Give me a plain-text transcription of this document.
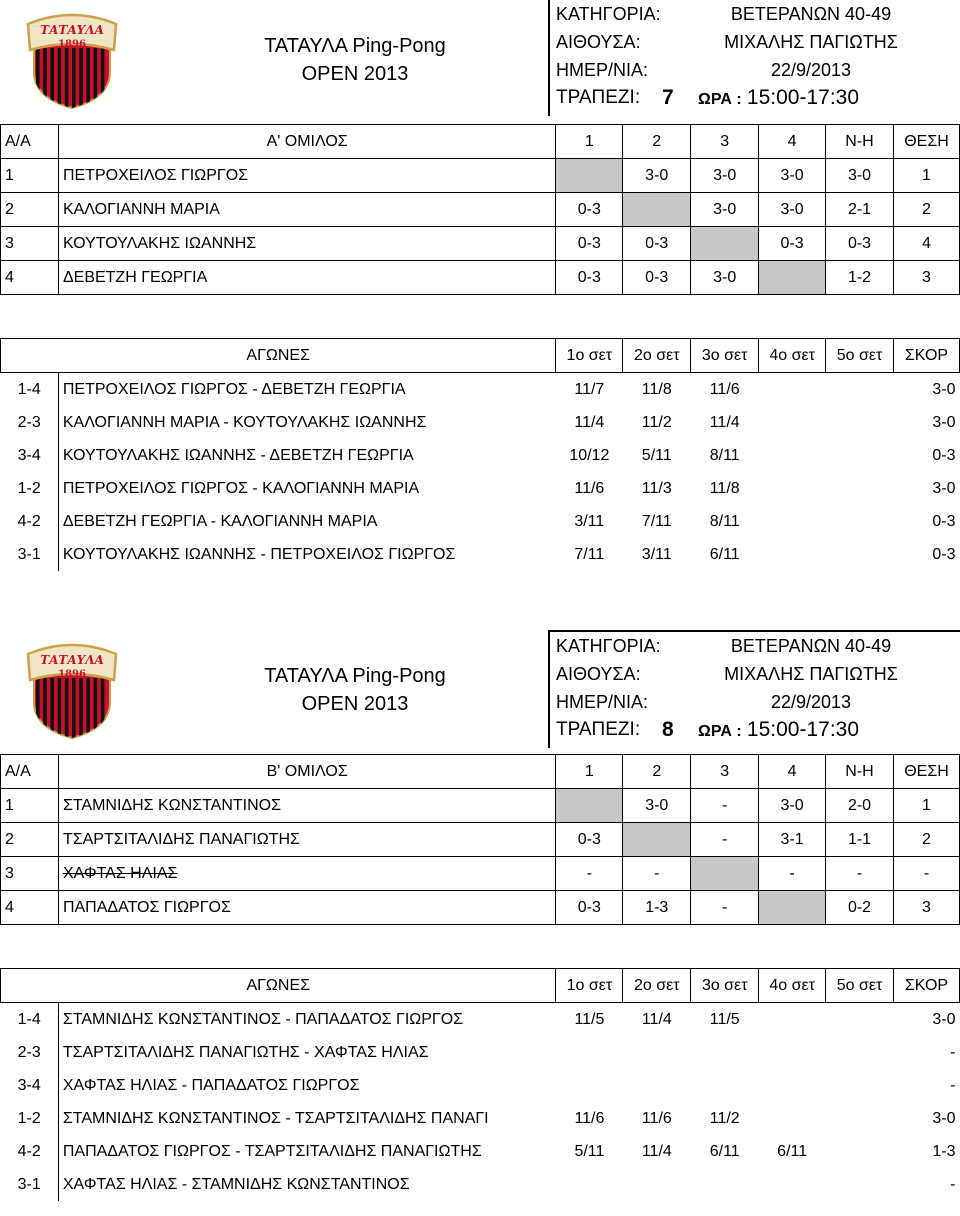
ΤΑΤΑΥΛΑ
1896	ΤΑΤΑΥΛΑ Ping-Pong
OPEN 2013
ΚΑΤΗΓΟΡΙΑ:	ΒΕΤΕΡΑΝΩΝ 40-49
ΑΙΘΟΥΣΑ:	ΜΙΧΑΛΗΣ ΠΑΓΙΩΤΗΣ
ΗΜΕΡ/ΝΙΑ:	22/9/2013
ΤΡΑΠΕΖΙ: 7 ΩΡΑ : 15:00-17:30
Α/Α	Α' ΟΜΙΛΟΣ	1	2	3	4	Ν-Η	ΘΕΣΗ
1	ΠΕΤΡΟΧΕΙΛΟΣ ΓΙΩΡΓΟΣ		3-0	3-0	3-0	3-0	1
2	ΚΑΛΟΓΙΑΝΝΗ ΜΑΡΙΑ	0-3		3-0	3-0	2-1	2
3	ΚΟΥΤΟΥΛΑΚΗΣ ΙΩΑΝΝΗΣ	0-3	0-3		0-3	0-3	4
4	ΔΕΒΕΤΖΗ ΓΕΩΡΓΙΑ	0-3	0-3	3-0		1-2	3
ΑΓΩΝΕΣ		1ο σετ	2ο σετ	3ο σετ	4ο σετ	5ο σετ	ΣΚΟΡ
1-4	ΠΕΤΡΟΧΕΙΛΟΣ ΓΙΩΡΓΟΣ - ΔΕΒΕΤΖΗ ΓΕΩΡΓΙΑ	11/7	11/8	11/6			3-0
2-3	ΚΑΛΟΓΙΑΝΝΗ ΜΑΡΙΑ - ΚΟΥΤΟΥΛΑΚΗΣ ΙΩΑΝΝΗΣ	11/4	11/2	11/4			3-0
3-4	ΚΟΥΤΟΥΛΑΚΗΣ ΙΩΑΝΝΗΣ - ΔΕΒΕΤΖΗ ΓΕΩΡΓΙΑ	10/12	5/11	8/11			0-3
1-2	ΠΕΤΡΟΧΕΙΛΟΣ ΓΙΩΡΓΟΣ - ΚΑΛΟΓΙΑΝΝΗ ΜΑΡΙΑ	11/6	11/3	11/8			3-0
4-2	ΔΕΒΕΤΖΗ ΓΕΩΡΓΙΑ - ΚΑΛΟΓΙΑΝΝΗ ΜΑΡΙΑ	3/11	7/11	8/11			0-3
3-1	ΚΟΥΤΟΥΛΑΚΗΣ ΙΩΑΝΝΗΣ - ΠΕΤΡΟΧΕΙΛΟΣ ΓΙΩΡΓΟΣ	7/11	3/11	6/11			0-3
ΤΑΤΑΥΛΑ
1896	ΤΑΤΑΥΛΑ Ping-Pong
OPEN 2013
ΚΑΤΗΓΟΡΙΑ:	ΒΕΤΕΡΑΝΩΝ 40-49
ΑΙΘΟΥΣΑ:	ΜΙΧΑΛΗΣ ΠΑΓΙΩΤΗΣ
ΗΜΕΡ/ΝΙΑ:	22/9/2013
ΤΡΑΠΕΖΙ: 8 ΩΡΑ : 15:00-17:30
Α/Α	Β' ΟΜΙΛΟΣ	1	2	3	4	Ν-Η	ΘΕΣΗ
1	ΣΤΑΜΝΙΔΗΣ ΚΩΝΣΤΑΝΤΙΝΟΣ		3-0	-	3-0	2-0	1
2	ΤΣΑΡΤΣΙΤΑΛΙΔΗΣ ΠΑΝΑΓΙΩΤΗΣ	0-3		-	3-1	1-1	2
3	ΧΑΦΤΑΣ ΗΛΙΑΣ	-	-		-	-	-
4	ΠΑΠΑΔΑΤΟΣ ΓΙΩΡΓΟΣ	0-3	1-3	-		0-2	3
ΑΓΩΝΕΣ		1ο σετ	2ο σετ	3ο σετ	4ο σετ	5ο σετ	ΣΚΟΡ
1-4	ΣΤΑΜΝΙΔΗΣ ΚΩΝΣΤΑΝΤΙΝΟΣ - ΠΑΠΑΔΑΤΟΣ ΓΙΩΡΓΟΣ	11/5	11/4	11/5			3-0
2-3	ΤΣΑΡΤΣΙΤΑΛΙΔΗΣ ΠΑΝΑΓΙΩΤΗΣ - ΧΑΦΤΑΣ ΗΛΙΑΣ						-
3-4	ΧΑΦΤΑΣ ΗΛΙΑΣ - ΠΑΠΑΔΑΤΟΣ ΓΙΩΡΓΟΣ						-
1-2	ΣΤΑΜΝΙΔΗΣ ΚΩΝΣΤΑΝΤΙΝΟΣ - ΤΣΑΡΤΣΙΤΑΛΙΔΗΣ ΠΑΝΑΓΙ	11/6	11/6	11/2			3-0
4-2	ΠΑΠΑΔΑΤΟΣ ΓΙΩΡΓΟΣ - ΤΣΑΡΤΣΙΤΑΛΙΔΗΣ ΠΑΝΑΓΙΩΤΗΣ	5/11	11/4	6/11	6/11		1-3
3-1	ΧΑΦΤΑΣ ΗΛΙΑΣ - ΣΤΑΜΝΙΔΗΣ ΚΩΝΣΤΑΝΤΙΝΟΣ						-
